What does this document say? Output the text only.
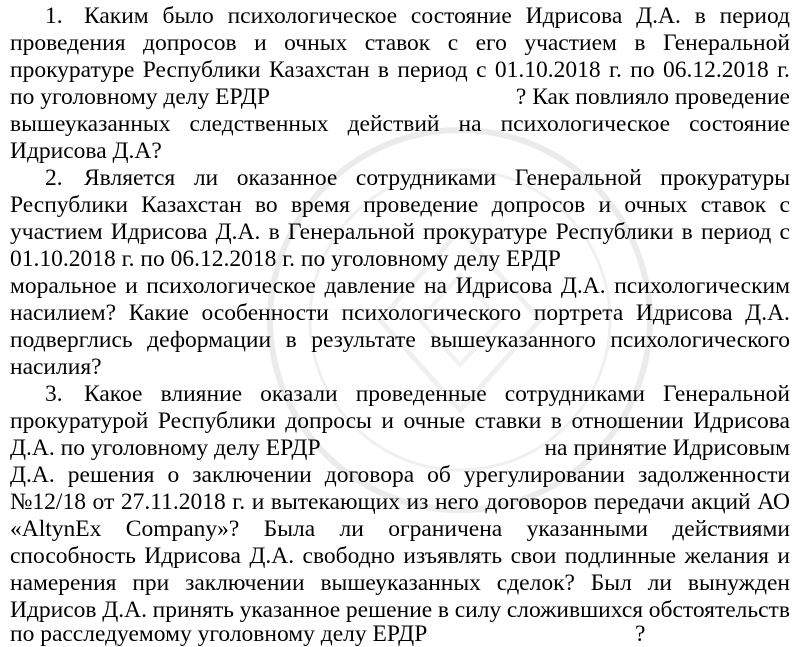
1. Каким было психологическое состояние Идрисова Д.А. в период
проведения допросов и очных ставок с его участием в Генеральной
прокуратуре Республики Казахстан в период с 01.10.2018 г. по 06.12.2018 г.
по уголовному делу ЕРДР	? Как повлияло проведение
вышеуказанных следственных действий на психологическое состояние
Идрисова Д.А?
2. Является ли оказанное сотрудниками Генеральной прокуратуры
Республики Казахстан во время проведение допросов и очных ставок с
участием Идрисова Д.А. в Генеральной прокуратуре Республики в период с
01.10.2018 г. по 06.12.2018 г. по уголовному делу ЕРДР
моральное и психологическое давление на Идрисова Д.А. психологическим
насилием? Какие особенности психологического портрета Идрисова Д.А.
подверглись деформации в результате вышеуказанного психологического
насилия?
3. Какое влияние оказали проведенные сотрудниками Генеральной
прокуратурой Республики допросы и очные ставки в отношении Идрисова
Д.А. по уголовному делу ЕРДР	на принятие Идрисовым
Д.А. решения о заключении договора об урегулировании задолженности
№12/18 от 27.11.2018 г. и вытекающих из него договоров передачи акций АО
«AltynEx Company»? Была ли ограничена указанными действиями
способность Идрисова Д.А. свободно изъявлять свои подлинные желания и
намерения при заключении вышеуказанных сделок? Был ли вынужден
Идрисов Д.А. принять указанное решение в силу сложившихся обстоятельств
по расследуемому уголовному делу ЕРДР	?
